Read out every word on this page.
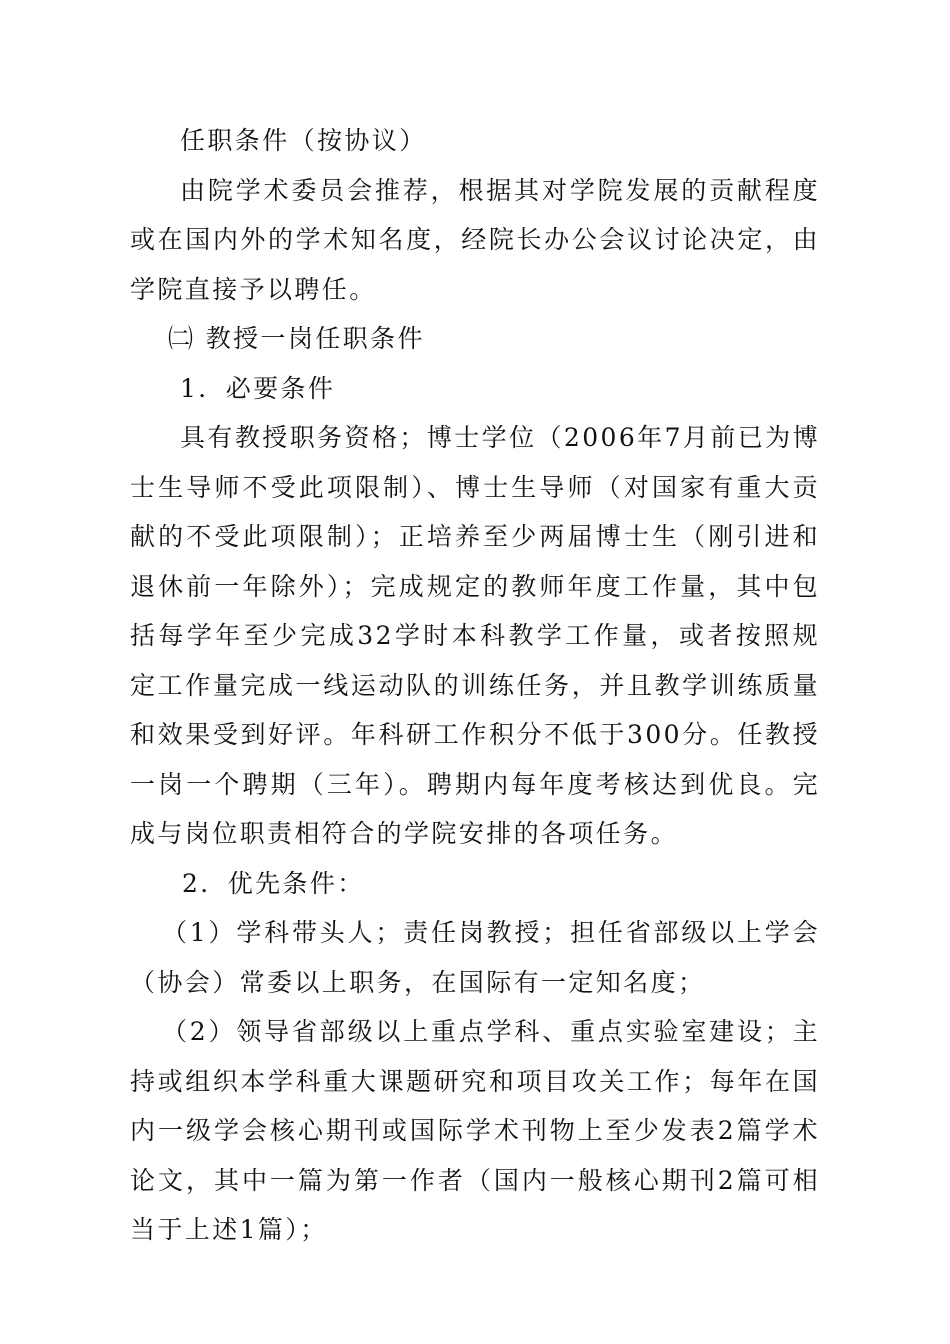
任职条件（按协议）

由院学术委员会推荐，根据其对学院发展的贡献程度或在国内外的学术知名度，经院长办公会议讨论决定，由学院直接予以聘任。

㈡ 教授一岗任职条件

1．必要条件

具有教授职务资格；博士学位（2006年7月前已为博士生导师不受此项限制）、博士生导师（对国家有重大贡献的不受此项限制）；正培养至少两届博士生（刚引进和退休前一年除外）；完成规定的教师年度工作量，其中包括每学年至少完成32学时本科教学工作量，或者按照规定工作量完成一线运动队的训练任务，并且教学训练质量和效果受到好评。年科研工作积分不低于300分。任教授一岗一个聘期（三年）。聘期内每年度考核达到优良。完成与岗位职责相符合的学院安排的各项任务。

2．优先条件：

（1）学科带头人；责任岗教授；担任省部级以上学会（协会）常委以上职务，在国际有一定知名度；

（2）领导省部级以上重点学科、重点实验室建设；主持或组织本学科重大课题研究和项目攻关工作；每年在国内一级学会核心期刊或国际学术刊物上至少发表2篇学术论文，其中一篇为第一作者（国内一般核心期刊2篇可相当于上述1篇）；
